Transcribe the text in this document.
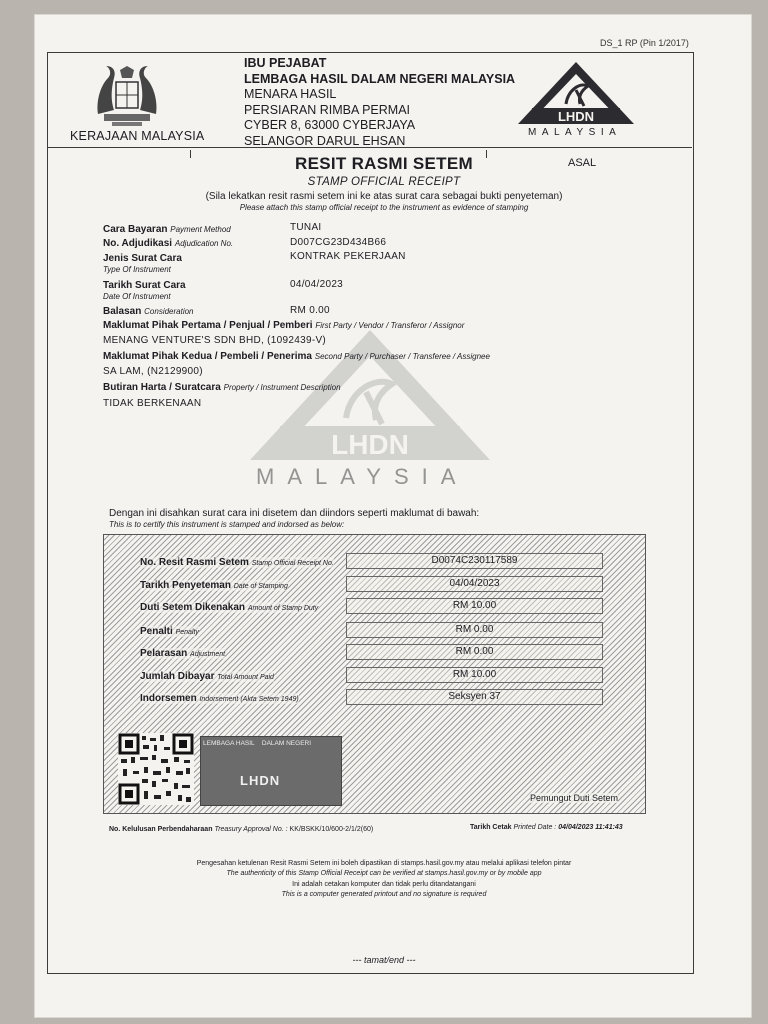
DS_1 RP (Pin 1/2017)
KERAJAAN MALAYSIA
IBU PEJABAT
LEMBAGA HASIL DALAM NEGERI MALAYSIA
MENARA HASIL
PERSIARAN RIMBA PERMAI
CYBER 8, 63000 CYBERJAYA
SELANGOR DARUL EHSAN
LHDN
MALAYSIA
RESIT RASMI SETEM	ASAL
STAMP OFFICIAL RECEIPT
(Sila lekatkan resit rasmi setem ini ke atas surat cara sebagai bukti penyeteman)
Please attach this stamp official receipt to the instrument as evidence of stamping
LHDN
MALAYSIA
Cara Bayaran Payment Method	TUNAI
No. Adjudikasi Adjudication No.	D007CG23D434B66
Jenis Surat Cara
Type Of Instrument
KONTRAK PEKERJAAN
Tarikh Surat Cara
Date Of Instrument
04/04/2023
Balasan Consideration	RM 0.00
Maklumat Pihak Pertama / Penjual / Pemberi First Party / Vendor / Transferor / Assignor
MENANG VENTURE'S SDN BHD, (1092439-V)
Maklumat Pihak Kedua / Pembeli / Penerima Second Party / Purchaser / Transferee / Assignee
SA LAM, (N2129900)
Butiran Harta / Suratcara Property / Instrument Description
TIDAK BERKENAAN
Dengan ini disahkan surat cara ini disetem dan diindors seperti maklumat di bawah:
This is to certify this instrument is stamped and indorsed as below:
No. Resit Rasmi Setem Stamp Official Receipt No.	D0074C230117589
Tarikh Penyeteman Date of Stamping	04/04/2023
Duti Setem Dikenakan Amount of Stamp Duty	RM 10.00
Penalti Penalty	RM 0.00
Pelarasan Adjustment	RM 0.00
Jumlah Dibayar Total Amount Paid	RM 10.00
Indorsemen Indorsement (Akta Setem 1949)	Seksyen 37
LEMBAGA HASIL DALAM NEGERI
LHDN
Pemungut Duti Setem
No. Kelulusan Perbendaharaan Treasury Approval No. : KK/BSKK/10/600-2/1/2(60)	Tarikh Cetak Printed Date : 04/04/2023 11:41:43
Pengesahan ketulenan Resit Rasmi Setem ini boleh dipastikan di stamps.hasil.gov.my atau melalui aplikasi telefon pintar
The authenticity of this Stamp Official Receipt can be verified at stamps.hasil.gov.my or by mobile app
Ini adalah cetakan komputer dan tidak perlu ditandatangani
This is a computer generated printout and no signature is required
--- tamat/end ---
